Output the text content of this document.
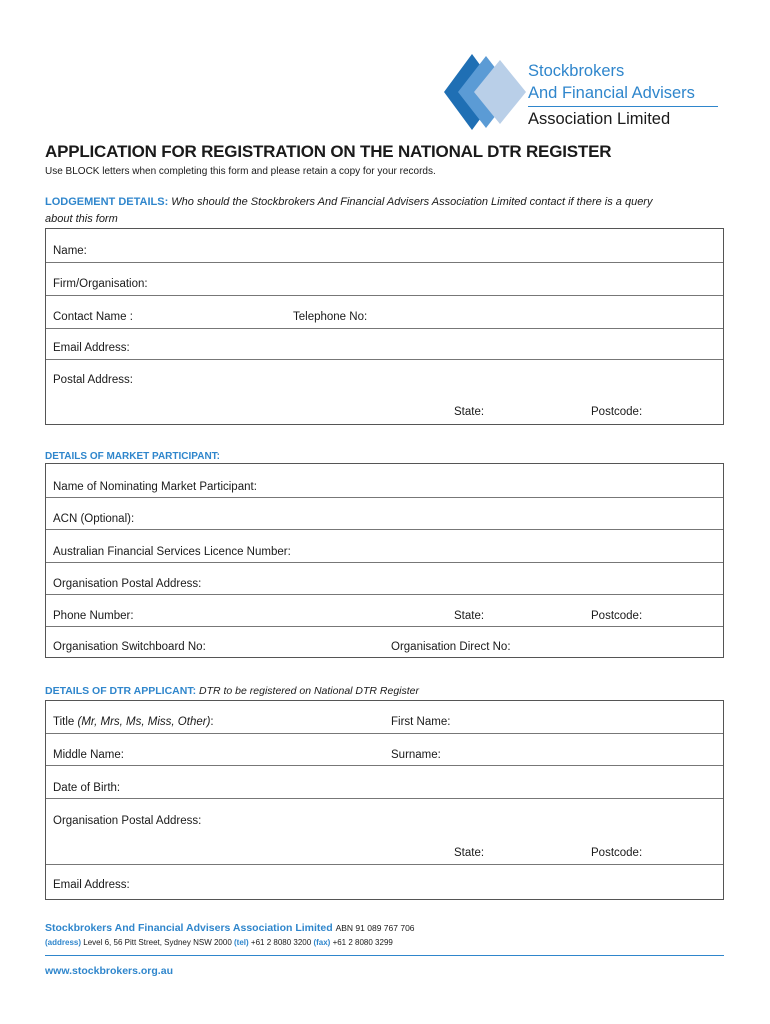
Stockbrokers
And Financial Advisers
Association Limited
APPLICATION FOR REGISTRATION ON THE NATIONAL DTR REGISTER
Use BLOCK letters when completing this form and please retain a copy for your records.
LODGEMENT DETAILS: Who should the Stockbrokers And Financial Advisers Association Limited contact if there is a query
about this form
Name:
Firm/Organisation:
Contact Name :	Telephone No:
Email Address:
Postal Address:
State:	Postcode:
DETAILS OF MARKET PARTICIPANT:
Name of Nominating Market Participant:
ACN (Optional):
Australian Financial Services Licence Number:
Organisation Postal Address:
Phone Number:	State:	Postcode:
Organisation Switchboard No:	Organisation Direct No:
DETAILS OF DTR APPLICANT: DTR to be registered on National DTR Register
Title (Mr, Mrs, Ms, Miss, Other):	First Name:
Middle Name:	Surname:
Date of Birth:
Organisation Postal Address:
State:	Postcode:
Email Address:
Stockbrokers And Financial Advisers Association Limited ABN 91 089 767 706
(address) Level 6, 56 Pitt Street, Sydney NSW 2000 (tel) +61 2 8080 3200 (fax) +61 2 8080 3299
www.stockbrokers.org.au
